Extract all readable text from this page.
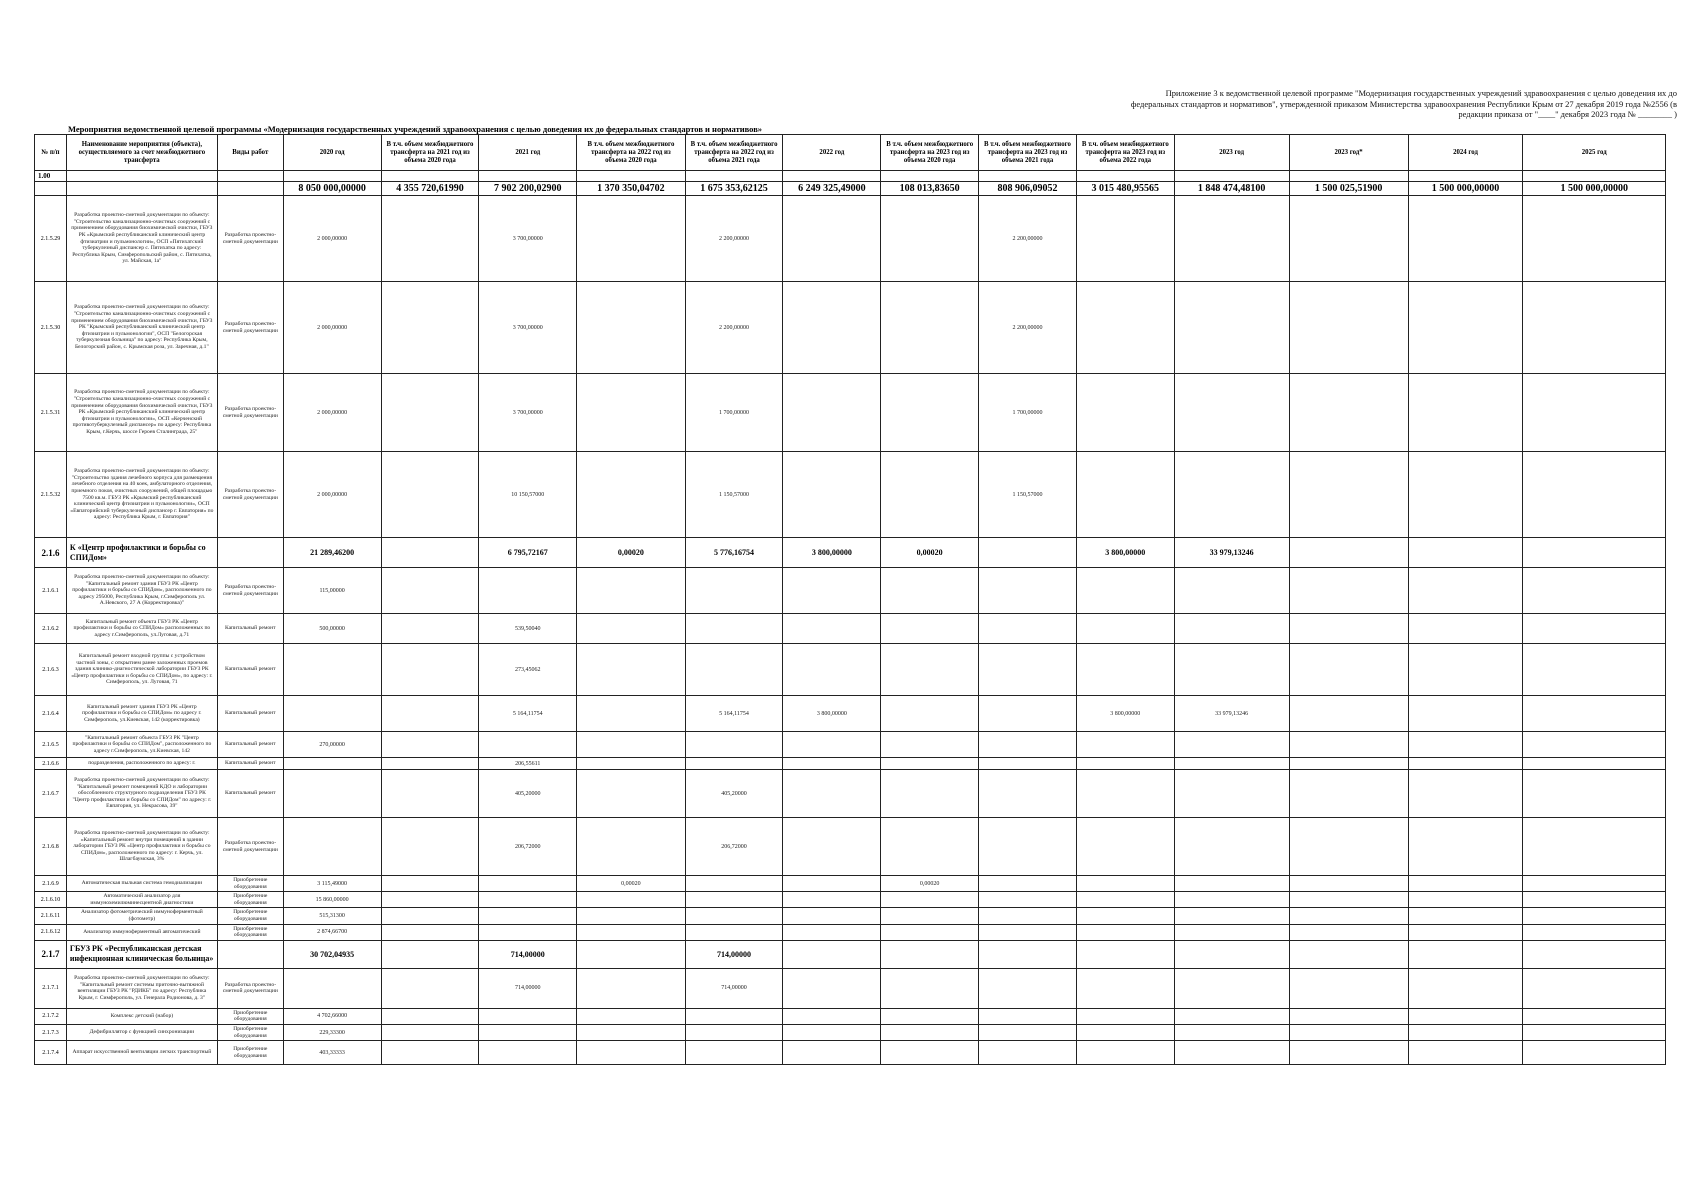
Приложение 3 к ведомственной целевой программе "Модернизация государственных учреждений здравоохранения с целью доведения их до федеральных стандартов и нормативов", утвержденной приказом Министерства здравоохранения Республики Крым от 27 декабря 2019 года №2556 (в редакции приказа от "____" декабря 2023 года № ________ )
Мероприятия ведомственной целевой программы «Модернизация государственных учреждений здравоохранения с целью доведения их до федеральных стандартов и нормативов»
№ п/п	Наименование мероприятия (объекта), осуществляемого за счет межбюджетного трансферта	Виды работ	2020 год	В т.ч. объем межбюджетного трансферта на 2021 год из объема 2020 года	2021 год	В т.ч. объем межбюджетного трансферта на 2022 год из объема 2020 года	В т.ч. объем межбюджетного трансферта на 2022 год из объема 2021 года	2022 год	В т.ч. объем межбюджетного трансферта на 2023 год из объема 2020 года	В т.ч. объем межбюджетного трансферта на 2023 год из объема 2021 года	В т.ч. объем межбюджетного трансферта на 2023 год из объема 2022 года	2023 год	2023 год*	2024 год	2025 год
1.00															
			8 050 000,00000	4 355 720,61990	7 902 200,02900	1 370 350,04702	1 675 353,62125	6 249 325,49000	108 013,83650	808 906,09052	3 015 480,95565	1 848 474,48100	1 500 025,51900	1 500 000,00000	1 500 000,00000
2.1.5.29	Разработка проектно-сметной документации по объекту: "Строительство канализационно-очистных сооружений с применением оборудования биохимической очистки, ГБУЗ РК «Крымский республиканский клинический центр фтизиатрии и пульмонологии», ОСП «Пятихатский туберкулезный диспансер с. Пятихатка по адресу: Республика Крым, Симферопольский район, с. Пятихатка, ул. Майская, 1а"	Разработка проектно-сметной документации	2 000,00000		3 700,00000		2 200,00000			2 200,00000					
2.1.5.30	Разработка проектно-сметной документации по объекту: "Строительство канализационно-очистных сооружений с применением оборудования биохимической очистки, ГБУЗ РК "Крымский республиканский клинический центр фтизиатрии и пульмонологии", ОСП "Белогорская туберкулезная больница" по адресу: Республика Крым, Белогорский район, с. Крымская роза, ул. Заречная, д.1"	Разработка проектно-сметной документации	2 000,00000		3 700,00000		2 200,00000			2 200,00000					
2.1.5.31	Разработка проектно-сметной документации по объекту: "Строительство канализационно-очистных сооружений с применением оборудования биохимической очистки, ГБУЗ РК «Крымский республиканский клинический центр фтизиатрии и пульмонологии», ОСП «Керченский противотуберкулезный диспансер» по адресу: Республика Крым, г.Керчь, шоссе Героев Сталинграда, 25"	Разработка проектно-сметной документации	2 000,00000		3 700,00000		1 700,00000			1 700,00000					
2.1.5.32	Разработка проектно-сметной документации по объекту: "Строительство здания лечебного корпуса для размещения лечебного отделения на 40 коек, амбулаторного отделения, приемного покоя, очистных сооружений, общей площадью 7500 кв.м. ГБУЗ РК «Крымский республиканский клинический центр фтизиатрии и пульмонологии», ОСП «Евпаторийский туберкулезный диспансер г. Евпатория» по адресу: Республика Крым, г. Евпатория"	Разработка проектно-сметной документации	2 000,00000		10 150,57000		1 150,57000			1 150,57000					
2.1.6	К «Центр профилактики и борьбы со СПИДом»		21 289,46200		6 795,72167	0,00020	5 776,16754	3 800,00000	0,00020		3 800,00000	33 979,13246			
2.1.6.1	Разработка проектно-сметной документации по объекту: "Капитальный ремонт здания ГБУЗ РК «Центр профилактики и борьбы со СПИДом», расположенного по адресу 295000, Республика Крым, г.Симферополь ул. А.Невского, 27 А (Корректировка)"	Разработка проектно-сметной документации	115,00000												
2.1.6.2	Капитальный ремонт объекта ГБУЗ РК «Центр профилактики и борьбы со СПИДом» расположенных по адресу г.Симферополь, ул.Луговая, д.71	Капитальный ремонт	500,00000		539,50040										
2.1.6.3	Капитальный ремонт входной группы с устройством частной зоны, с открытием ранее заложенных проемов здания клинико-диагностической лаборатории ГБУЗ РК «Центр профилактики и борьбы со СПИДом», по адресу: г. Симферополь, ул. Луговая, 71	Капитальный ремонт			273,45062										
2.1.6.4	Капитальный ремонт здания ГБУЗ РК «Центр профилактики и борьбы со СПИДом» по адресу г. Симферополь, ул.Киевская, 142 (корректировка)	Капитальный ремонт			5 164,11754		5 164,11754	3 800,00000			3 800,00000	33 979,13246			
2.1.6.5	"Капитальный ремонт объекта ГБУЗ РК "Центр профилактики и борьбы со СПИДом", расположенного по адресу г.Симферополь, ул.Киевская, 142	Капитальный ремонт	270,00000												
2.1.6.6	подразделения, расположенного по адресу: г.	Капитальный ремонт			206,55611										
2.1.6.7	Разработка проектно-сметной документации по объекту: "Капитальный ремонт помещений КДО и лаборатории обособленного структурного подразделения ГБУЗ РК "Центр профилактики и борьбы со СПИДом" по адресу: г. Евпатория, ул. Некрасова, 39"	Капитальный ремонт			405,20000		405,20000								
2.1.6.8	Разработка проектно-сметной документации по объекту: «Капитальный ремонт внутри помещений в здании лаборатории ГБУЗ РК «Центр профилактики и борьбы со СПИДом», расположенного по адресу: г. Керчь, ул. Шлагбаумская, 3%	Разработка проектно-сметной документации			206,72000		206,72000								
2.1.6.9	Автоматическая пыльная система гемодиализации	Приобретение оборудования	3 115,49000			0,00020			0,00020						
2.1.6.10	Автоматический анализатор для иммунохемилюминесцентной диагностики	Приобретение оборудования	15 860,00000												
2.1.6.11	Анализатор фотометрический иммуноферментный (фотометр)	Приобретение оборудования	515,31300												
2.1.6.12	Анализатор иммуноферментный автоматический	Приобретение оборудования	2 874,66700												
2.1.7	ГБУЗ РК «Республиканская детская инфекционная клиническая больница»		30 702,04935		714,00000		714,00000								
2.1.7.1	Разработка проектно-сметной документации по объекту: "Капитальный ремонт системы приточно-вытяжной вентиляции ГБУЗ РК "РДИКБ" по адресу: Республика Крым, г. Симферополь, ул. Генерала Родионова, д. 3"	Разработка проектно-сметной документации			714,00000		714,00000								
2.1.7.2	Комплекс детский (набор)	Приобретение оборудования	4 702,66000												
2.1.7.3	Дефибриллятор с функцией синхронизации	Приобретение оборудования	229,33300												
2.1.7.4	Аппарат искусственной вентиляции легких транспортный	Приобретение оборудования	403,33333												
